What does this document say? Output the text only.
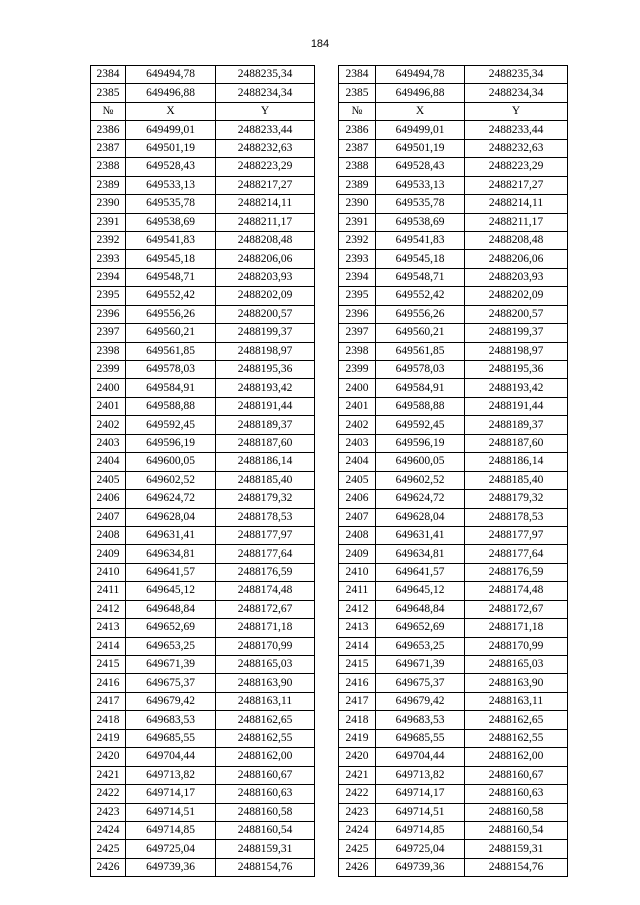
184
2384	649494,78	2488235,34		2384	649494,78	2488235,34
2385	649496,88	2488234,34		2385	649496,88	2488234,34
№	X	Y		№	X	Y
2386	649499,01	2488233,44		2386	649499,01	2488233,44
2387	649501,19	2488232,63		2387	649501,19	2488232,63
2388	649528,43	2488223,29		2388	649528,43	2488223,29
2389	649533,13	2488217,27		2389	649533,13	2488217,27
2390	649535,78	2488214,11		2390	649535,78	2488214,11
2391	649538,69	2488211,17		2391	649538,69	2488211,17
2392	649541,83	2488208,48		2392	649541,83	2488208,48
2393	649545,18	2488206,06		2393	649545,18	2488206,06
2394	649548,71	2488203,93		2394	649548,71	2488203,93
2395	649552,42	2488202,09		2395	649552,42	2488202,09
2396	649556,26	2488200,57		2396	649556,26	2488200,57
2397	649560,21	2488199,37		2397	649560,21	2488199,37
2398	649561,85	2488198,97		2398	649561,85	2488198,97
2399	649578,03	2488195,36		2399	649578,03	2488195,36
2400	649584,91	2488193,42		2400	649584,91	2488193,42
2401	649588,88	2488191,44		2401	649588,88	2488191,44
2402	649592,45	2488189,37		2402	649592,45	2488189,37
2403	649596,19	2488187,60		2403	649596,19	2488187,60
2404	649600,05	2488186,14		2404	649600,05	2488186,14
2405	649602,52	2488185,40		2405	649602,52	2488185,40
2406	649624,72	2488179,32		2406	649624,72	2488179,32
2407	649628,04	2488178,53		2407	649628,04	2488178,53
2408	649631,41	2488177,97		2408	649631,41	2488177,97
2409	649634,81	2488177,64		2409	649634,81	2488177,64
2410	649641,57	2488176,59		2410	649641,57	2488176,59
2411	649645,12	2488174,48		2411	649645,12	2488174,48
2412	649648,84	2488172,67		2412	649648,84	2488172,67
2413	649652,69	2488171,18		2413	649652,69	2488171,18
2414	649653,25	2488170,99		2414	649653,25	2488170,99
2415	649671,39	2488165,03		2415	649671,39	2488165,03
2416	649675,37	2488163,90		2416	649675,37	2488163,90
2417	649679,42	2488163,11		2417	649679,42	2488163,11
2418	649683,53	2488162,65		2418	649683,53	2488162,65
2419	649685,55	2488162,55		2419	649685,55	2488162,55
2420	649704,44	2488162,00		2420	649704,44	2488162,00
2421	649713,82	2488160,67		2421	649713,82	2488160,67
2422	649714,17	2488160,63		2422	649714,17	2488160,63
2423	649714,51	2488160,58		2423	649714,51	2488160,58
2424	649714,85	2488160,54		2424	649714,85	2488160,54
2425	649725,04	2488159,31		2425	649725,04	2488159,31
2426	649739,36	2488154,76		2426	649739,36	2488154,76
